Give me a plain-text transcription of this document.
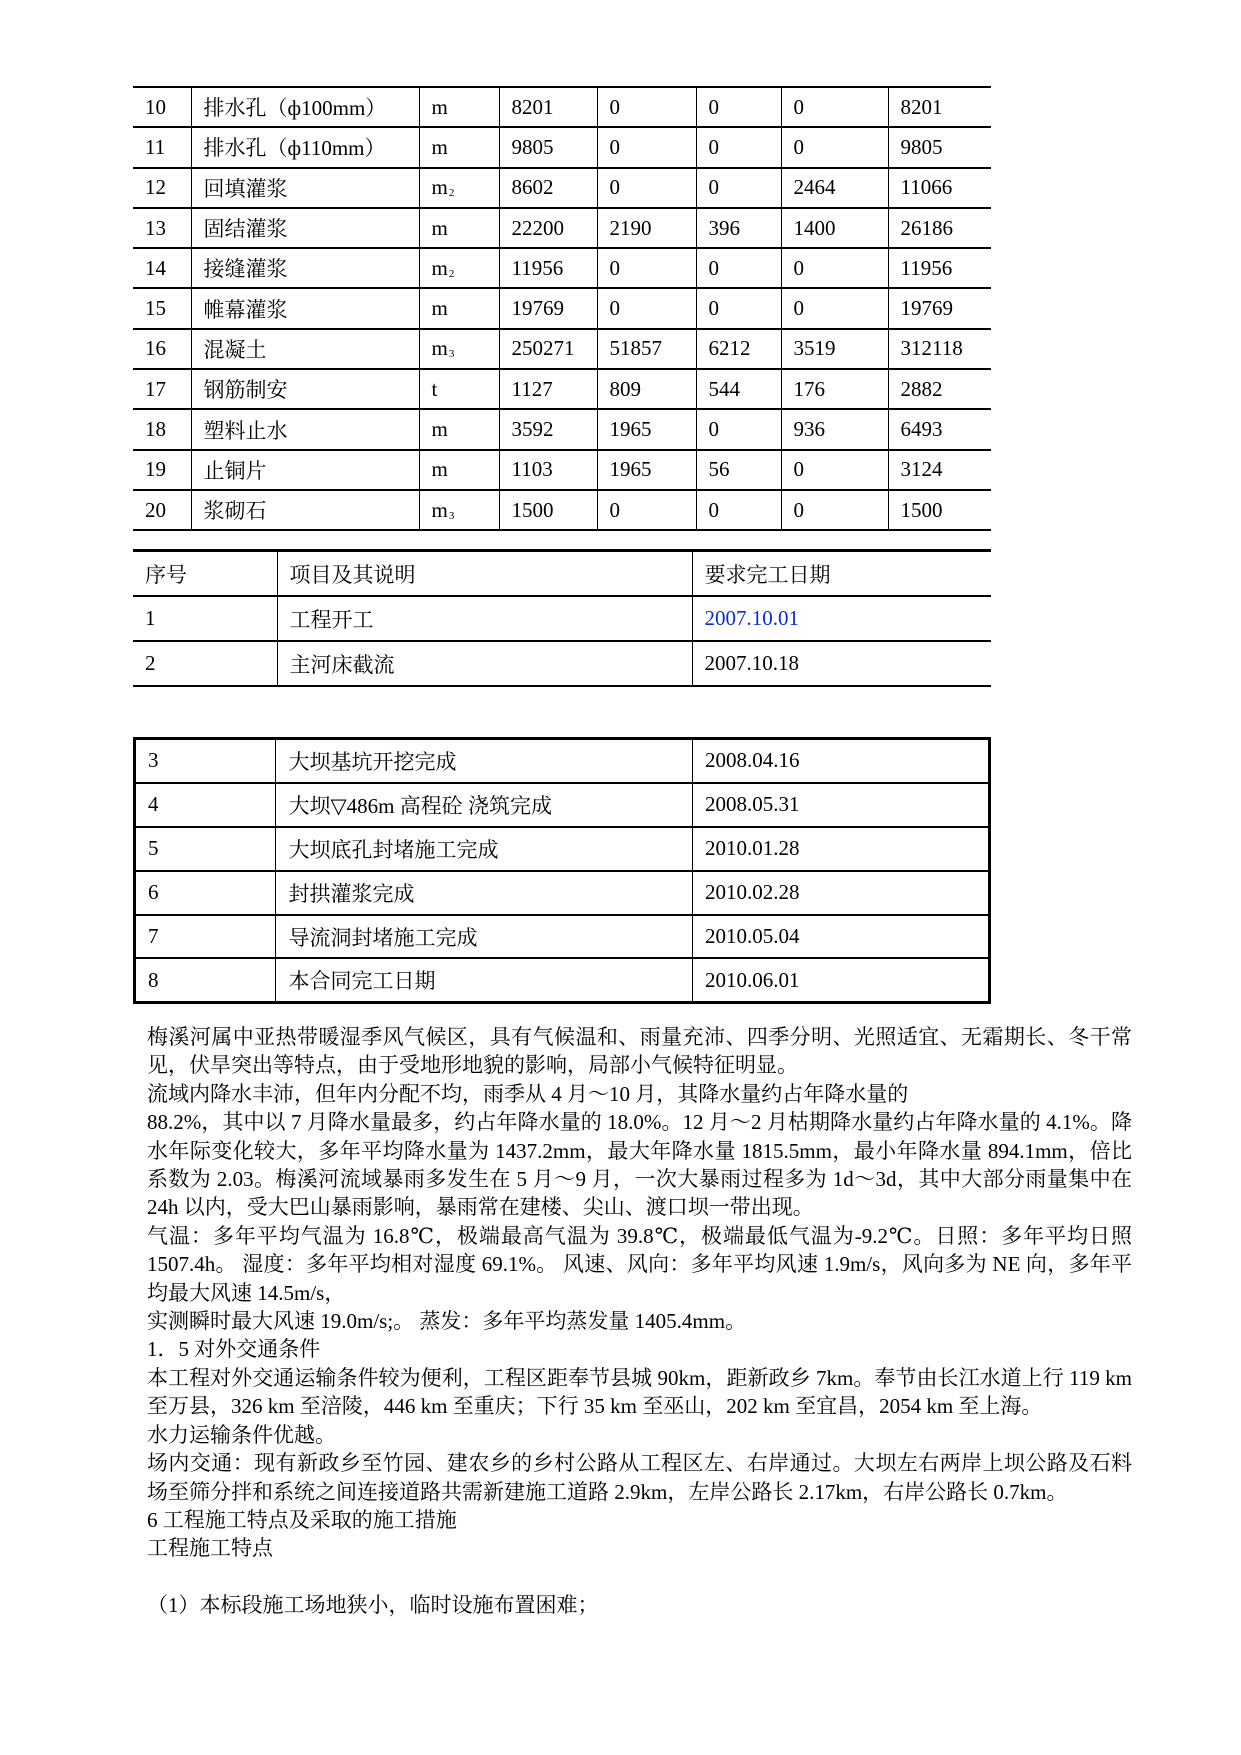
10	排水孔（ф100mm）	m	8201	0	0	0	8201
11	排水孔（ф110mm）	m	9805	0	0	0	9805
12	回填灌浆	m2	8602	0	0	2464	11066
13	固结灌浆	m	22200	2190	396	1400	26186
14	接缝灌浆	m2	11956	0	0	0	11956
15	帷幕灌浆	m	19769	0	0	0	19769
16	混凝土	m3	250271	51857	6212	3519	312118
17	钢筋制安	t	1127	809	544	176	2882
18	塑料止水	m	3592	1965	0	936	6493
19	止铜片	m	1103	1965	56	0	3124
20	浆砌石	m3	1500	0	0	0	1500
序号	项目及其说明	要求完工日期
1	工程开工	2007.10.01
2	主河床截流	2007.10.18
3	大坝基坑开挖完成	2008.04.16
4	大坝▽486m 高程砼 浇筑完成	2008.05.31
5	大坝底孔封堵施工完成	2010.01.28
6	封拱灌浆完成	2010.02.28
7	导流洞封堵施工完成	2010.05.04
8	本合同完工日期	2010.06.01

梅溪河属中亚热带暖湿季风气候区，具有气候温和、雨量充沛、四季分明、光照适宜、无霜期长、冬干常见，伏旱突出等特点，由于受地形地貌的影响，局部小气候特征明显。

流域内降水丰沛，但年内分配不均，雨季从 4 月～10 月，其降水量约占年降水量的

88.2%，其中以 7 月降水量最多，约占年降水量的 18.0%。12 月～2 月枯期降水量约占年降水量的 4.1%。降水年际变化较大，多年平均降水量为 1437.2mm，最大年降水量 1815.5mm，最小年降水量 894.1mm，倍比系数为 2.03。梅溪河流域暴雨多发生在 5 月～9 月，一次大暴雨过程多为 1d～3d，其中大部分雨量集中在 24h 以内，受大巴山暴雨影响，暴雨常在建楼、尖山、渡口坝一带出现。

气温：多年平均气温为 16.8℃，极端最高气温为 39.8℃，极端最低气温为-9.2℃。日照：多年平均日照 1507.4h。 湿度：多年平均相对湿度 69.1%。 风速、风向：多年平均风速 1.9m/s，风向多为 NE 向，多年平均最大风速 14.5m/s，

实测瞬时最大风速 19.0m/s;。 蒸发：多年平均蒸发量 1405.4mm。

1．5 对外交通条件

本工程对外交通运输条件较为便利，工程区距奉节县城 90km，距新政乡 7km。奉节由长江水道上行 119 km 至万县，326 km 至涪陵，446 km 至重庆；下行 35 km 至巫山，202 km 至宜昌，2054 km 至上海。

水力运输条件优越。

场内交通：现有新政乡至竹园、建农乡的乡村公路从工程区左、右岸通过。大坝左右两岸上坝公路及石料场至筛分拌和系统之间连接道路共需新建施工道路 2.9km，左岸公路长 2.17km，右岸公路长 0.7km。

6 工程施工特点及采取的施工措施

工程施工特点

（1）本标段施工场地狭小，临时设施布置困难；
